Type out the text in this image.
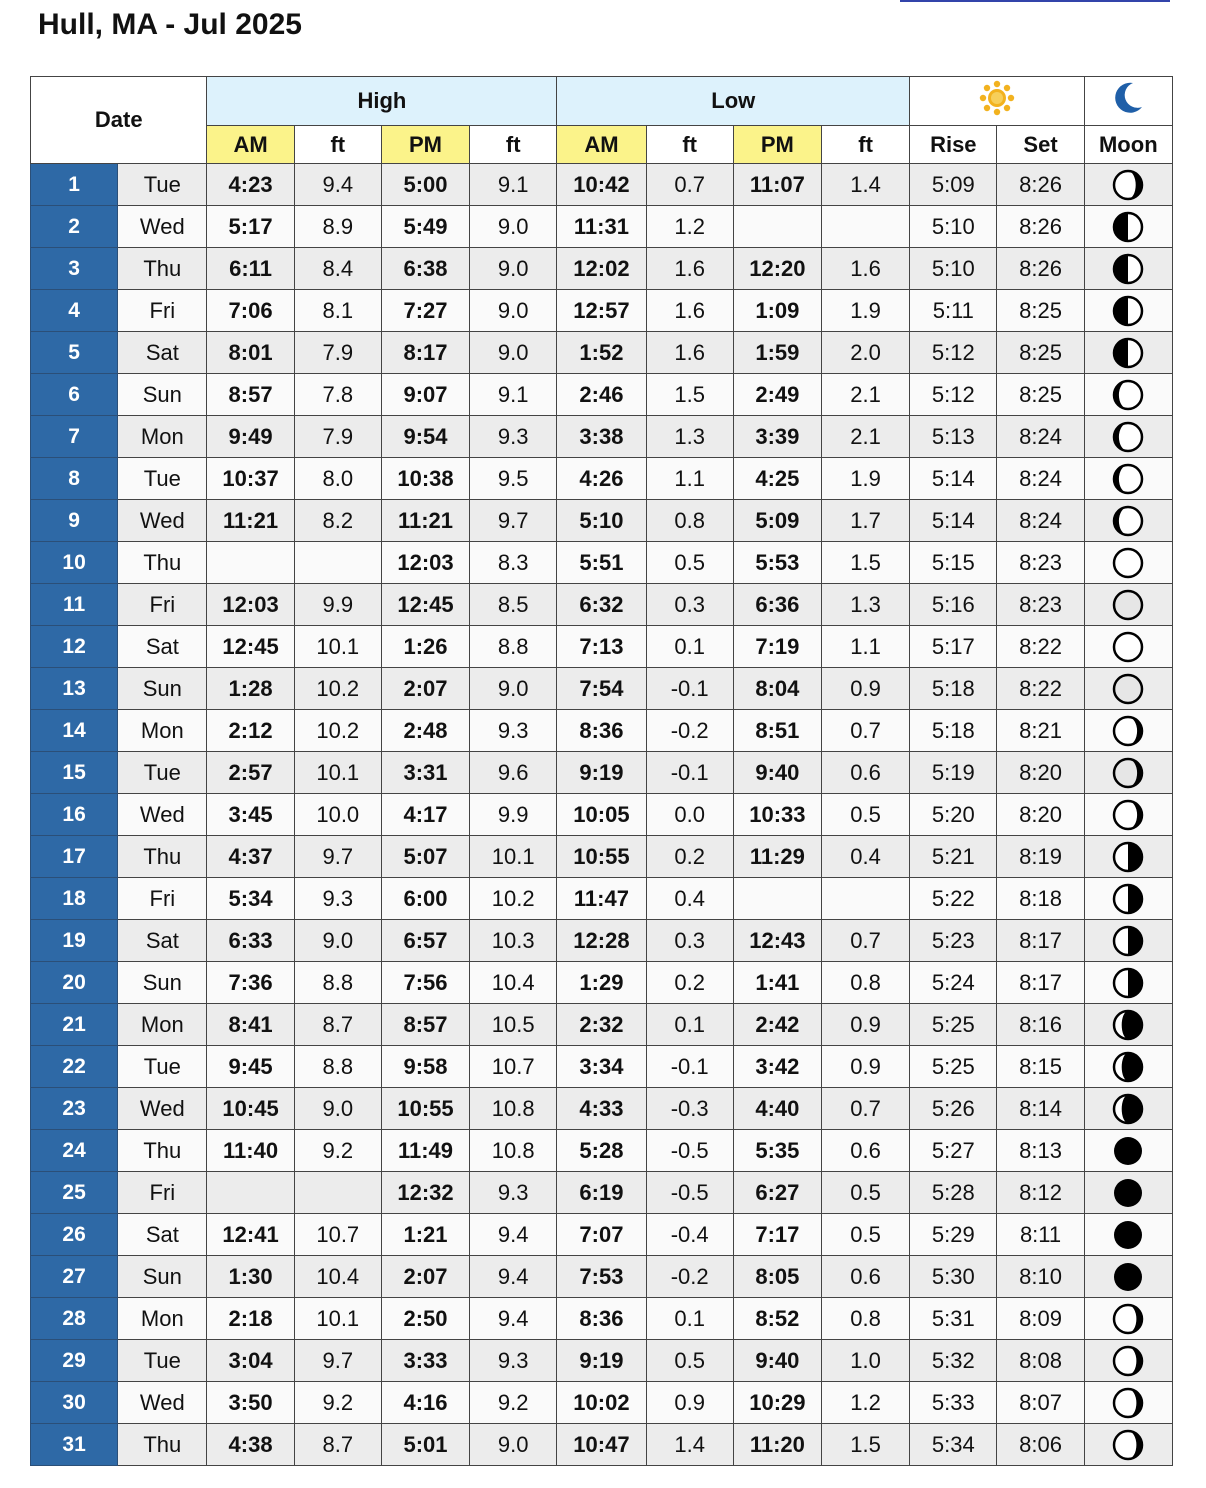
Hull, MA - Jul 2025
Date		High				Low		
		AM	ft	PM	ft	AM	ft	PM	ft	Rise	Set	Moon
1	Tue	4:23	9.4	5:00	9.1	10:42	0.7	11:07	1.4	5:09	8:26	

2	Wed	5:17	8.9	5:49	9.0	11:31	1.2			5:10	8:26	

3	Thu	6:11	8.4	6:38	9.0	12:02	1.6	12:20	1.6	5:10	8:26	

4	Fri	7:06	8.1	7:27	9.0	12:57	1.6	1:09	1.9	5:11	8:25	

5	Sat	8:01	7.9	8:17	9.0	1:52	1.6	1:59	2.0	5:12	8:25	

6	Sun	8:57	7.8	9:07	9.1	2:46	1.5	2:49	2.1	5:12	8:25	

7	Mon	9:49	7.9	9:54	9.3	3:38	1.3	3:39	2.1	5:13	8:24	

8	Tue	10:37	8.0	10:38	9.5	4:26	1.1	4:25	1.9	5:14	8:24	

9	Wed	11:21	8.2	11:21	9.7	5:10	0.8	5:09	1.7	5:14	8:24	

10	Thu			12:03	8.3	5:51	0.5	5:53	1.5	5:15	8:23	

11	Fri	12:03	9.9	12:45	8.5	6:32	0.3	6:36	1.3	5:16	8:23	

12	Sat	12:45	10.1	1:26	8.8	7:13	0.1	7:19	1.1	5:17	8:22	

13	Sun	1:28	10.2	2:07	9.0	7:54	-0.1	8:04	0.9	5:18	8:22	

14	Mon	2:12	10.2	2:48	9.3	8:36	-0.2	8:51	0.7	5:18	8:21	

15	Tue	2:57	10.1	3:31	9.6	9:19	-0.1	9:40	0.6	5:19	8:20	

16	Wed	3:45	10.0	4:17	9.9	10:05	0.0	10:33	0.5	5:20	8:20	

17	Thu	4:37	9.7	5:07	10.1	10:55	0.2	11:29	0.4	5:21	8:19	

18	Fri	5:34	9.3	6:00	10.2	11:47	0.4			5:22	8:18	

19	Sat	6:33	9.0	6:57	10.3	12:28	0.3	12:43	0.7	5:23	8:17	

20	Sun	7:36	8.8	7:56	10.4	1:29	0.2	1:41	0.8	5:24	8:17	

21	Mon	8:41	8.7	8:57	10.5	2:32	0.1	2:42	0.9	5:25	8:16	

22	Tue	9:45	8.8	9:58	10.7	3:34	-0.1	3:42	0.9	5:25	8:15	

23	Wed	10:45	9.0	10:55	10.8	4:33	-0.3	4:40	0.7	5:26	8:14	

24	Thu	11:40	9.2	11:49	10.8	5:28	-0.5	5:35	0.6	5:27	8:13	

25	Fri			12:32	9.3	6:19	-0.5	6:27	0.5	5:28	8:12	

26	Sat	12:41	10.7	1:21	9.4	7:07	-0.4	7:17	0.5	5:29	8:11	

27	Sun	1:30	10.4	2:07	9.4	7:53	-0.2	8:05	0.6	5:30	8:10	

28	Mon	2:18	10.1	2:50	9.4	8:36	0.1	8:52	0.8	5:31	8:09	

29	Tue	3:04	9.7	3:33	9.3	9:19	0.5	9:40	1.0	5:32	8:08	

30	Wed	3:50	9.2	4:16	9.2	10:02	0.9	10:29	1.2	5:33	8:07	

31	Thu	4:38	8.7	5:01	9.0	10:47	1.4	11:20	1.5	5:34	8:06	
